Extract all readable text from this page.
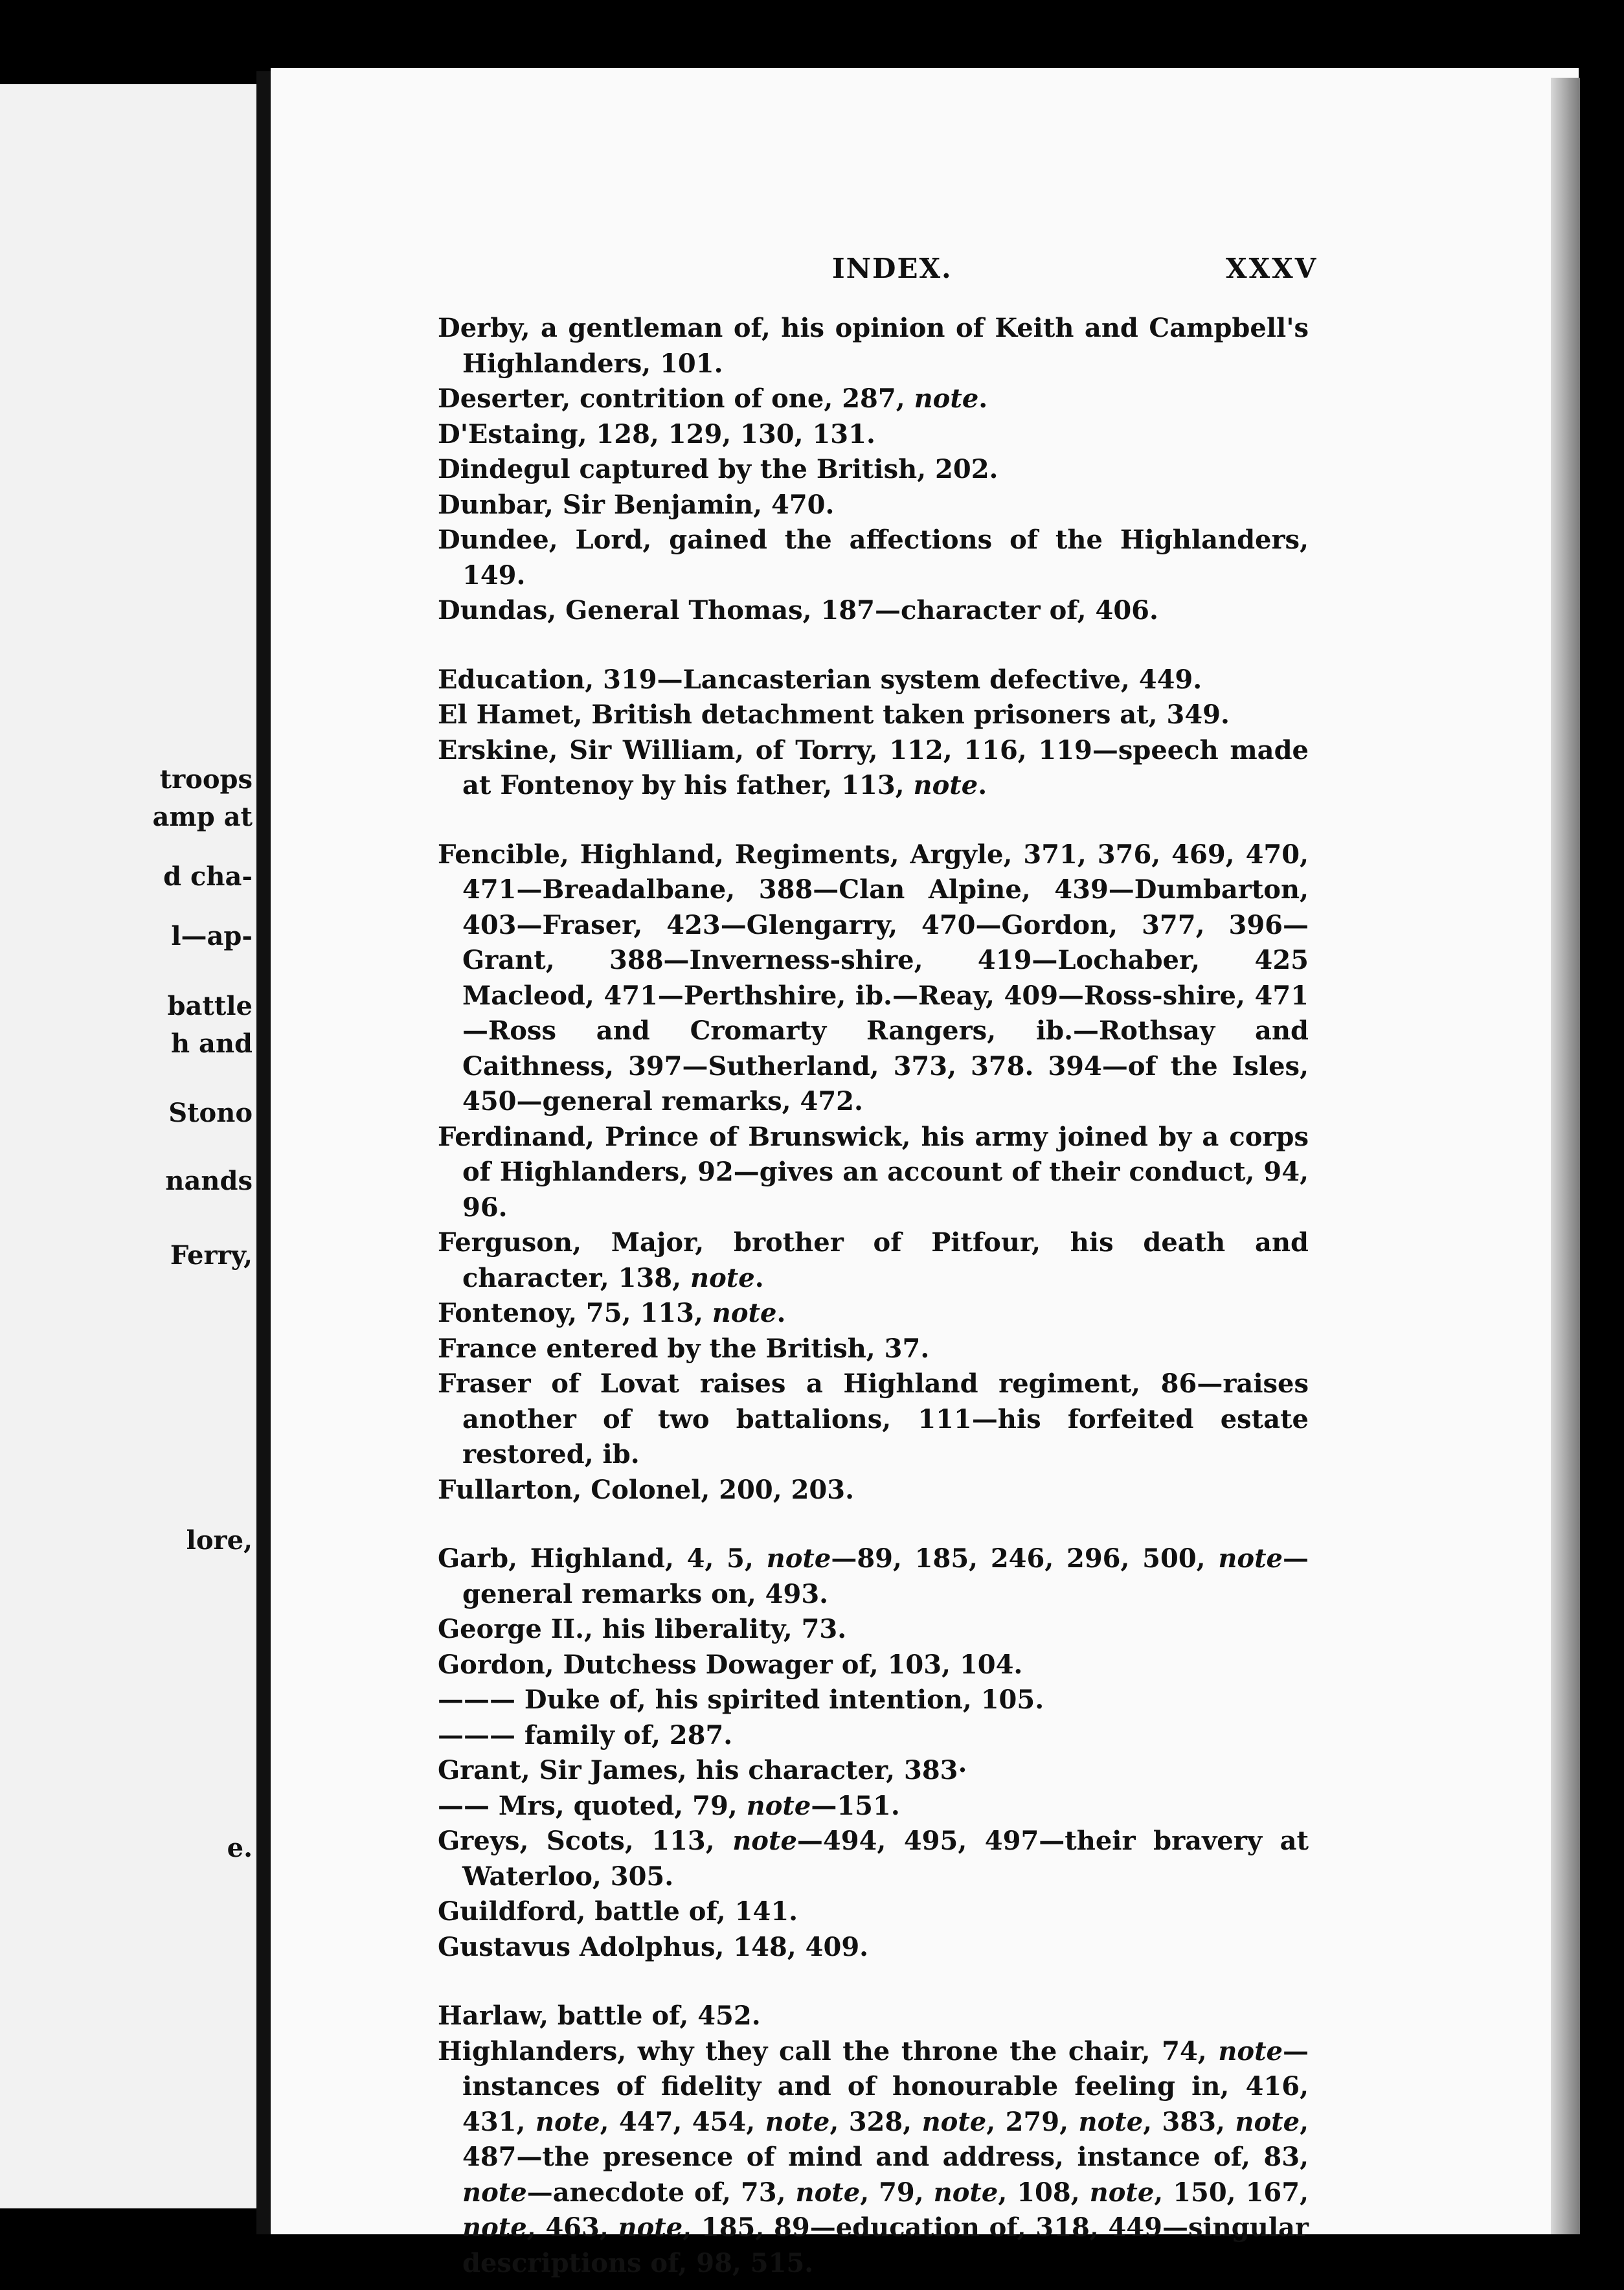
troops
amp at
d cha-
l—ap-
battle
h and
Stono
nands
Ferry,
lore,
e.
INDEX.	XXXV

Derby, a gentleman of, his opinion of Keith and Campbell's Highlanders, 101.

Deserter, contrition of one, 287, note.

D'Estaing, 128, 129, 130, 131.

Dindegul captured by the British, 202.

Dunbar, Sir Benjamin, 470.

Dundee, Lord, gained the affections of the Highlanders, 149.

Dundas, General Thomas, 187—character of, 406.

Education, 319—Lancasterian system defective, 449.

El Hamet, British detachment taken prisoners at, 349.

Erskine, Sir William, of Torry, 112, 116, 119—speech made at Fontenoy by his father, 113, note.

Fencible, Highland, Regiments, Argyle, 371, 376, 469, 470, 471—Breadalbane, 388—Clan Alpine, 439—Dumbarton, 403—Fraser, 423—Glengarry, 470—Gordon, 377, 396—Grant, 388—Inverness-shire, 419—Lochaber, 425 Macleod, 471—Perthshire, ib.—Reay, 409—Ross-shire, 471—Ross and Cromarty Rangers, ib.—Rothsay and Caithness, 397—Sutherland, 373, 378. 394—of the Isles, 450—general remarks, 472.

Ferdinand, Prince of Brunswick, his army joined by a corps of Highlanders, 92—gives an account of their conduct, 94, 96.

Ferguson, Major, brother of Pitfour, his death and character, 138, note.

Fontenoy, 75, 113, note.

France entered by the British, 37.

Fraser of Lovat raises a Highland regiment, 86—raises another of two battalions, 111—his forfeited estate restored, ib.

Fullarton, Colonel, 200, 203.

Garb, Highland, 4, 5, note—89, 185, 246, 296, 500, note—general remarks on, 493.

George II., his liberality, 73.

Gordon, Dutchess Dowager of, 103, 104.

——— Duke of, his spirited intention, 105.

——— family of, 287.

Grant, Sir James, his character, 383·

—— Mrs, quoted, 79, note—151.

Greys, Scots, 113, note—494, 495, 497—their bravery at Waterloo, 305.

Guildford, battle of, 141.

Gustavus Adolphus, 148, 409.

Harlaw, battle of, 452.

Highlanders, why they call the throne the chair, 74, note—instances of fidelity and of honourable feeling in, 416, 431, note, 447, 454, note, 328, note, 279, note, 383, note, 487—the presence of mind and address, instance of, 83, note—anecdote of, 73, note, 79, note, 108, note, 150, 167, note, 463, note, 185, 89—education of, 318, 449—singular descriptions of, 98, 515.
